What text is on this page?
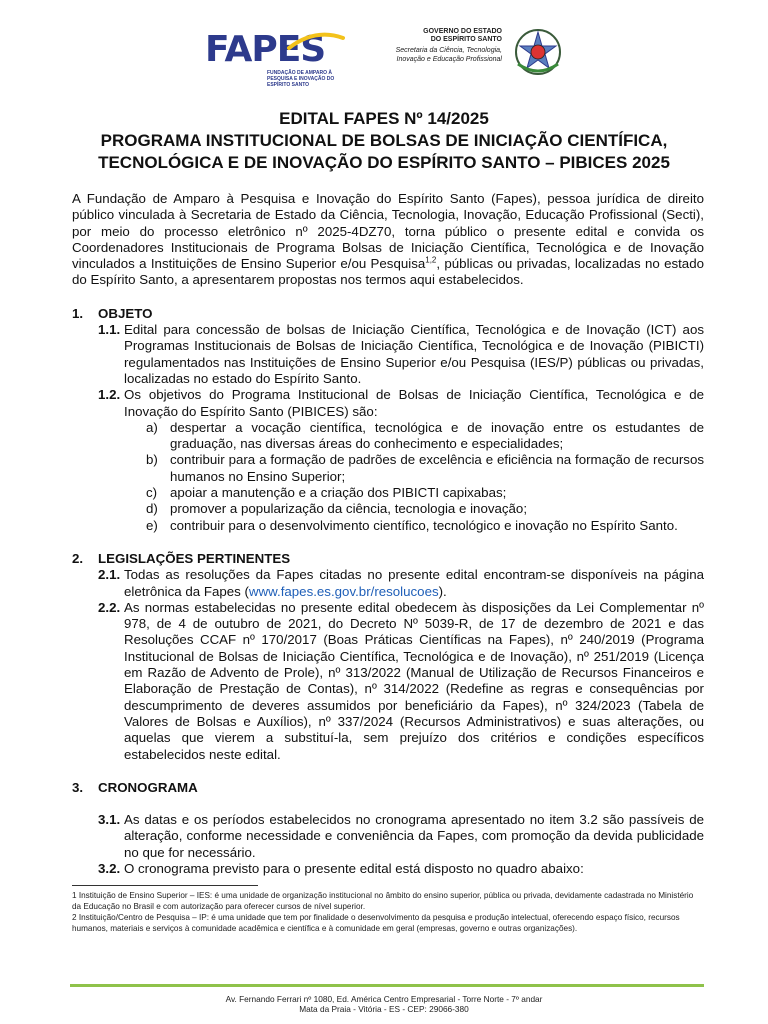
FAPES
FUNDAÇÃO DE AMPARO À PESQUISA E INOVAÇÃO DO ESPÍRITO SANTO
GOVERNO DO ESTADO
DO ESPÍRITO SANTO
Secretaria da Ciência, Tecnologia,
Inovação e Educação Profissional
EDITAL FAPES Nº 14/2025
PROGRAMA INSTITUCIONAL DE BOLSAS DE INICIAÇÃO CIENTÍFICA,
TECNOLÓGICA E DE INOVAÇÃO DO ESPÍRITO SANTO – PIBICES 2025

A Fundação de Amparo à Pesquisa e Inovação do Espírito Santo (Fapes), pessoa jurídica de direito público vinculada à Secretaria de Estado da Ciência, Tecnologia, Inovação, Educação Profissional (Secti), por meio do processo eletrônico nº 2025-4DZ70, torna público o presente edital e convida os Coordenadores Institucionais de Programa Bolsas de Iniciação Científica, Tecnológica e de Inovação vinculados a Instituições de Ensino Superior e/ou Pesquisa$^{1,2}$, públicas ou privadas, localizadas no estado do Espírito Santo, a apresentarem propostas nos termos aqui estabelecidos.

1.	OBJETO
1.1. Edital para concessão de bolsas de Iniciação Científica, Tecnológica e de Inovação (ICT) aos Programas Institucionais de Bolsas de Iniciação Científica, Tecnológica e de Inovação (PIBICTI) regulamentados nas Instituições de Ensino Superior e/ou Pesquisa (IES/P) públicas ou privadas, localizadas no estado do Espírito Santo.
1.2. Os objetivos do Programa Institucional de Bolsas de Iniciação Científica, Tecnológica e de Inovação do Espírito Santo (PIBICES) são:
a) despertar a vocação científica, tecnológica e de inovação entre os estudantes de graduação, nas diversas áreas do conhecimento e especialidades;
b) contribuir para a formação de padrões de excelência e eficiência na formação de recursos humanos no Ensino Superior;
c) apoiar a manutenção e a criação dos PIBICTI capixabas;
d) promover a popularização da ciência, tecnologia e inovação;
e) contribuir para o desenvolvimento científico, tecnológico e inovação no Espírito Santo.
2.	LEGISLAÇÕES PERTINENTES
2.1. Todas as resoluções da Fapes citadas no presente edital encontram-se disponíveis na página eletrônica da Fapes (www.fapes.es.gov.br/resolucoes).
2.2. As normas estabelecidas no presente edital obedecem às disposições da Lei Complementar nº 978, de 4 de outubro de 2021, do Decreto Nº 5039-R, de 17 de dezembro de 2021 e das Resoluções CCAF nº 170/2017 (Boas Práticas Científicas na Fapes), nº 240/2019 (Programa Institucional de Bolsas de Iniciação Científica, Tecnológica e de Inovação), nº 251/2019 (Licença em Razão de Advento de Prole), nº 313/2022 (Manual de Utilização de Recursos Financeiros e Elaboração de Prestação de Contas), nº 314/2022 (Redefine as regras e consequências por descumprimento de deveres assumidos por beneficiário da Fapes), nº 324/2023 (Tabela de Valores de Bolsas e Auxílios), nº 337/2024 (Recursos Administrativos) e suas alterações, ou aquelas que vierem a substituí-la, sem prejuízo dos critérios e condições específicos estabelecidos neste edital.
3.	CRONOGRAMA
3.1. As datas e os períodos estabelecidos no cronograma apresentado no item 3.2 são passíveis de alteração, conforme necessidade e conveniência da Fapes, com promoção da devida publicidade no que for necessário.
3.2. O cronograma previsto para o presente edital está disposto no quadro abaixo:

1 Instituição de Ensino Superior – IES: é uma unidade de organização institucional no âmbito do ensino superior, pública ou privada, devidamente cadastrada no Ministério da Educação no Brasil e com autorização para oferecer cursos de nível superior.

2 Instituição/Centro de Pesquisa – IP: é uma unidade que tem por finalidade o desenvolvimento da pesquisa e produção intelectual, oferecendo espaço físico, recursos humanos, materiais e serviços à comunidade acadêmica e científica e à comunidade em geral (empresas, governo e outras organizações).

Av. Fernando Ferrari nº 1080, Ed. América Centro Empresarial - Torre Norte - 7º andar
Mata da Praia - Vitória - ES - CEP: 29066-380
